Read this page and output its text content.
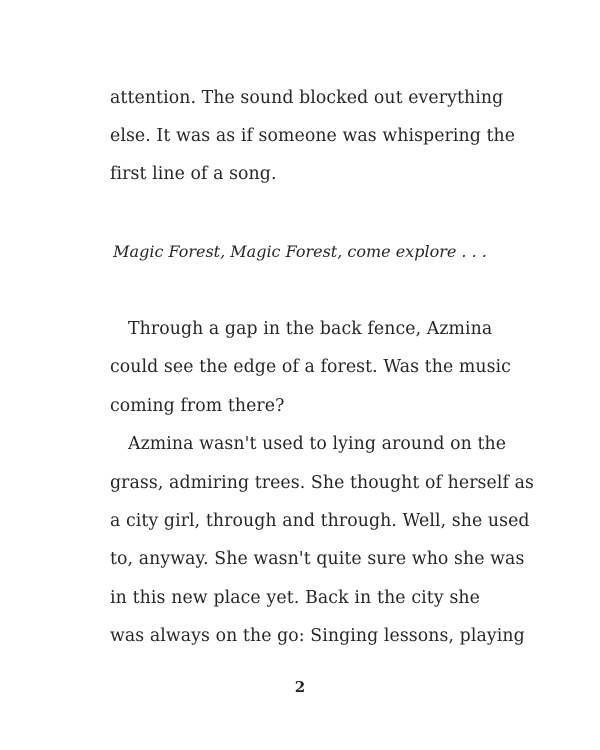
attention. The sound blocked out everything
else. It was as if someone was whispering the
first line of a song.
Magic Forest, Magic Forest, come explore . . .
Through a gap in the back fence, Azmina
could see the edge of a forest. Was the music
coming from there?
Azmina wasn't used to lying around on the
grass, admiring trees. She thought of herself as
a city girl, through and through. Well, she used
to, anyway. She wasn't quite sure who she was
in this new place yet. Back in the city she
was always on the go: Singing lessons, playing
2
